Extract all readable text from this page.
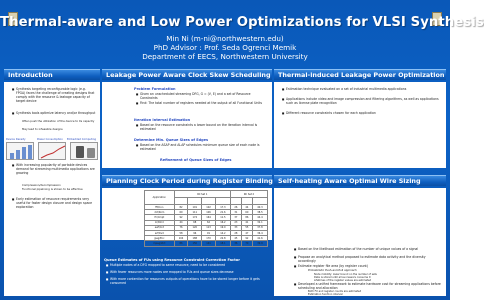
Thermal-aware and Low Power Optimizations for VLSI Synthesis
Min Ni (m-ni@northwestern.edu)
PhD Advisor : Prof. Seda Ogrenci Memik
Department of EECS, Northwestern University
Introduction
■ Synthesis targeting reconfigurable logic (e.g. FPGA) faces the challenge of creating designs that comply with the resource & leakage capacity of target device
■ Synthesis tools optimize latency and/or throughput
Often push the utilization of the device to its capacity
May lead to infeasible designs
Device Density	Power Consumption	Embedded Computing
■ With increasing popularity of portable devices demand for streaming multimedia applications are growing
Compression/decompression
Functional pipelining is shown to be effective
■ Early estimation of resource requirements very useful for faster design closure and design space exploration
Leakage Power Aware Clock Skew Scheduling
Problem Formulation
■ Given an unscheduled streaming DFG, G = (V, E) and a set of Resource Constraints
■ Find: The total number of registers needed at the output of all Functional Units
Iteration Interval Estimation
■ Based on the resource constraints a lower bound on the iteration interval is estimated
Determine Min. Queue Sizes of Edges
■ Based on the ASAP and ALAP schedules minimum queue size of each node is estimated
Refinement of Queue Sizes of Edges
Planning Clock Period during Register Binding
Application	RC Set 1				RC Set 2		

fft/Con	82	101	102	17.3	26	44	40.3
dct/Rom	60	111	106	21.6	31	60	38.5
fir/Cmpt	92	174	164	11.5	37	86	44.4
iir/Rmd	44	68	62	16.2	23	41	32.1
ewf/Cnt	76	120	113	19.0	33	55	37.8
arf/Dvd	58	96	91	14.2	28	47	36.4
jpeg/Enc	104	188	170	22.8	45	92	41.6
mpeg/Idct	86	150	141	18.1	36	70	39.9
Queue Estimates of FUs using Resource Constraint Correction Factor
■ Multiple nodes of a DFG mapped to same resource, need to be considered
■ With fewer resources more nodes are mapped to FUs and queue sizes decrease
■ With more contention for resources outputs of operations have to be stored longer before it gets consumed
Thermal-induced Leakage Power Optimization
■ Estimation technique evaluated on a set of industrial multimedia applications
■ Applications include video and image compression and filtering algorithms, as well as applications such as license plate recognition
■ Different resource constraints chosen for each application
Self-heating Aware Optimal Wire Sizing
■ Based on the likelihood estimation of the number of unique values of a signal
■ Propose an analytical method proposed to estimate data activity and the diversity accordingly
■ Estimate register file area (by register count)
Probabilistic Push-and-Pull approach
Node mobility: lower bound on the number of sets
Data is stored until all successors consume it
Lifetimes of the register values are estimated
■ Developed a unified framework to estimate hardware cost for streaming applications before scheduling and allocation
Both FU and register counts are estimated
Estimation function interval
